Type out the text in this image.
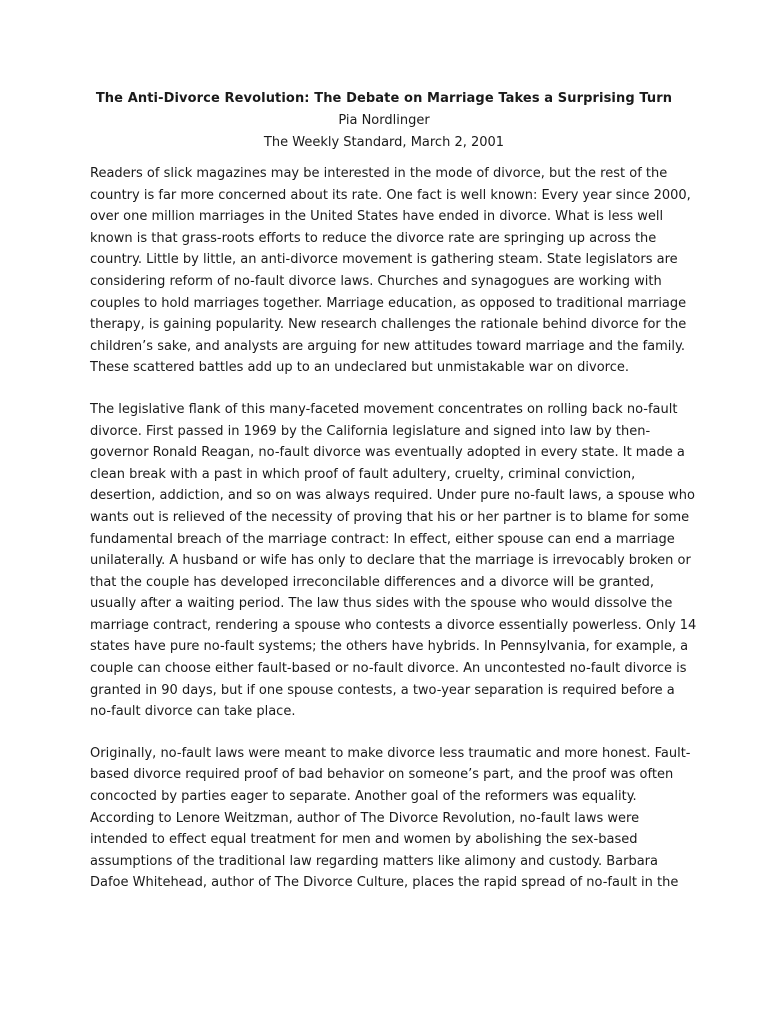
The Anti-Divorce Revolution: The Debate on Marriage Takes a Surprising Turn

Pia Nordlinger

The Weekly Standard, March 2, 2001

Readers of slick magazines may be interested in the mode of divorce, but the rest of the
country is far more concerned about its rate. One fact is well known: Every year since 2000,
over one million marriages in the United States have ended in divorce. What is less well
known is that grass-roots efforts to reduce the divorce rate are springing up across the
country. Little by little, an anti-divorce movement is gathering steam. State legislators are
considering reform of no-fault divorce laws. Churches and synagogues are working with
couples to hold marriages together. Marriage education, as opposed to traditional marriage
therapy, is gaining popularity. New research challenges the rationale behind divorce for the
children’s sake, and analysts are arguing for new attitudes toward marriage and the family.
These scattered battles add up to an undeclared but unmistakable war on divorce.

The legislative flank of this many-faceted movement concentrates on rolling back no-fault
divorce. First passed in 1969 by the California legislature and signed into law by then-
governor Ronald Reagan, no-fault divorce was eventually adopted in every state. It made a
clean break with a past in which proof of fault adultery, cruelty, criminal conviction,
desertion, addiction, and so on was always required. Under pure no-fault laws, a spouse who
wants out is relieved of the necessity of proving that his or her partner is to blame for some
fundamental breach of the marriage contract: In effect, either spouse can end a marriage
unilaterally. A husband or wife has only to declare that the marriage is irrevocably broken or
that the couple has developed irreconcilable differences and a divorce will be granted,
usually after a waiting period. The law thus sides with the spouse who would dissolve the
marriage contract, rendering a spouse who contests a divorce essentially powerless. Only 14
states have pure no-fault systems; the others have hybrids. In Pennsylvania, for example, a
couple can choose either fault-based or no-fault divorce. An uncontested no-fault divorce is
granted in 90 days, but if one spouse contests, a two-year separation is required before a
no-fault divorce can take place.

Originally, no-fault laws were meant to make divorce less traumatic and more honest. Fault-
based divorce required proof of bad behavior on someone’s part, and the proof was often
concocted by parties eager to separate. Another goal of the reformers was equality.
According to Lenore Weitzman, author of The Divorce Revolution, no-fault laws were
intended to effect equal treatment for men and women by abolishing the sex-based
assumptions of the traditional law regarding matters like alimony and custody. Barbara
Dafoe Whitehead, author of The Divorce Culture, places the rapid spread of no-fault in the
